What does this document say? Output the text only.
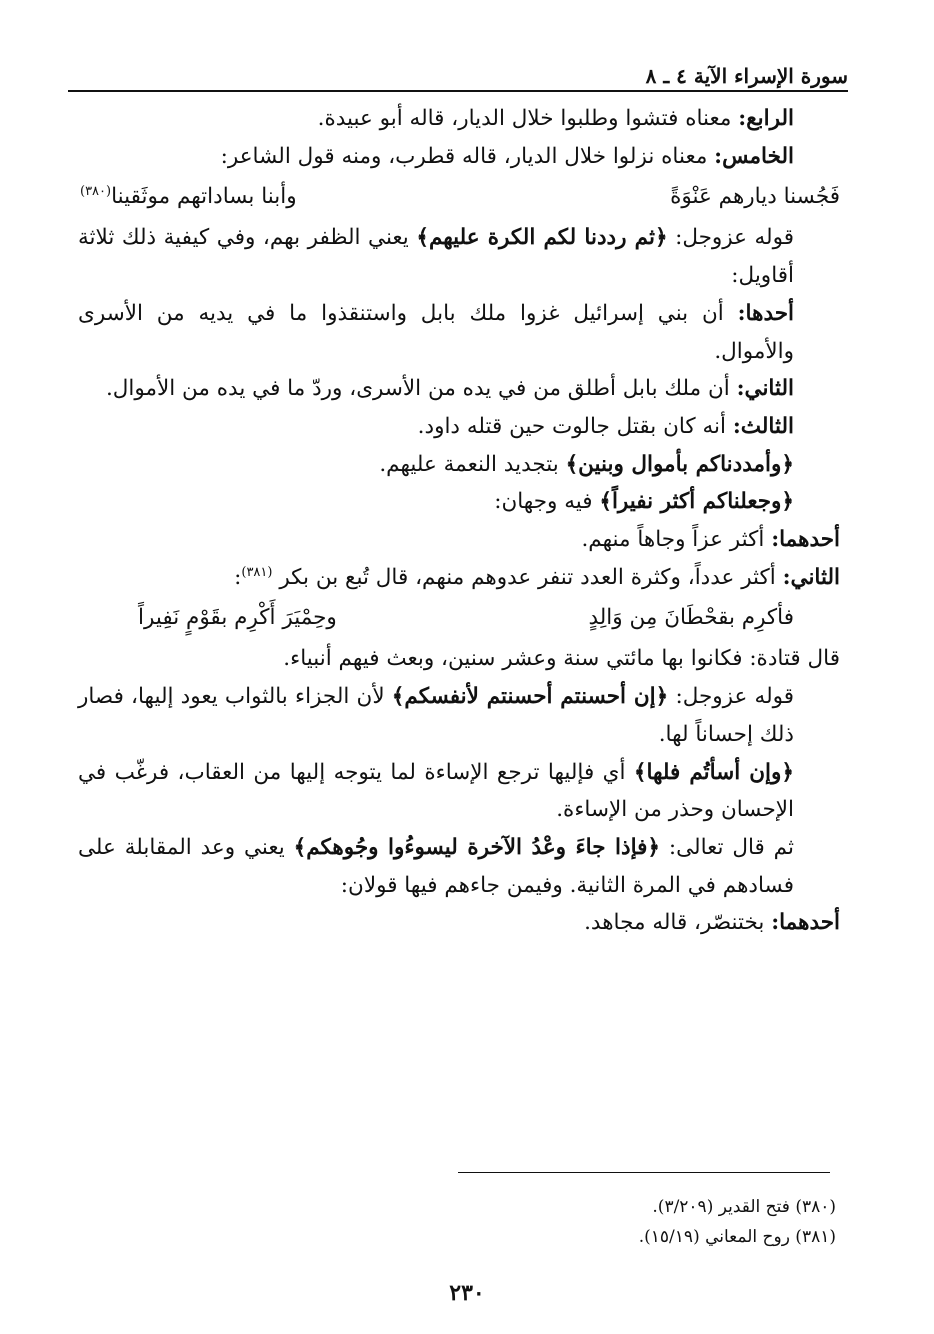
سورة الإسراء الآية ٤ ـ ٨

الرابع: معناه فتشوا وطلبوا خلال الديار، قاله أبو عبيدة.

الخامس: معناه نزلوا خلال الديار، قاله قطرب، ومنه قول الشاعر:

فَجُسنا ديارهم عَنْوَةً
وأبنا بساداتهم موثَقينا$^{(٣٨٠)}$

قوله عزوجل: ﴿ثم رددنا لكم الكرة عليهم﴾ يعني الظفر بهم، وفي كيفية ذلك ثلاثة أقاويل:

أحدها: أن بني إسرائيل غزوا ملك بابل واستنقذوا ما في يديه من الأسرى والأموال.

الثاني: أن ملك بابل أطلق من في يده من الأسرى، وردّ ما في يده من الأموال.

الثالث: أنه كان بقتل جالوت حين قتله داود.

﴿وأمددناكم بأموال وبنين﴾ بتجديد النعمة عليهم.

﴿وجعلناكم أكثر نفيراً﴾ فيه وجهان:

أحدهما: أكثر عزاً وجاهاً منهم.

الثاني: أكثر عدداً، وكثرة العدد تنفر عدوهم منهم، قال تُبع بن بكر $^{(٣٨١)}$:

فأكرِم بقحْطَانَ مِن وَالِدٍ
وحِمْيَرَ أَكْرِم بقَوْمٍ نَفِيراً

قال قتادة: فكانوا بها مائتي سنة وعشر سنين، وبعث فيهم أنبياء.

قوله عزوجل: ﴿إن أحسنتم أحسنتم لأنفسكم﴾ لأن الجزاء بالثواب يعود إليها، فصار ذلك إحساناً لها.

﴿وإن أسأتُم فلها﴾ أي فإليها ترجع الإساءة لما يتوجه إليها من العقاب، فرغّب في الإحسان وحذر من الإساءة.

ثم قال تعالى: ﴿فإذا جاءَ وعْدُ الآخرة ليسوءُوا وجُوهكم﴾ يعني وعد المقابلة على فسادهم في المرة الثانية. وفيمن جاءهم فيها قولان:

أحدهما: بختنصّر، قاله مجاهد.

(٣٨٠) فتح القدير (٣/٢٠٩).

(٣٨١) روح المعاني (١٥/١٩).

٢٣٠
